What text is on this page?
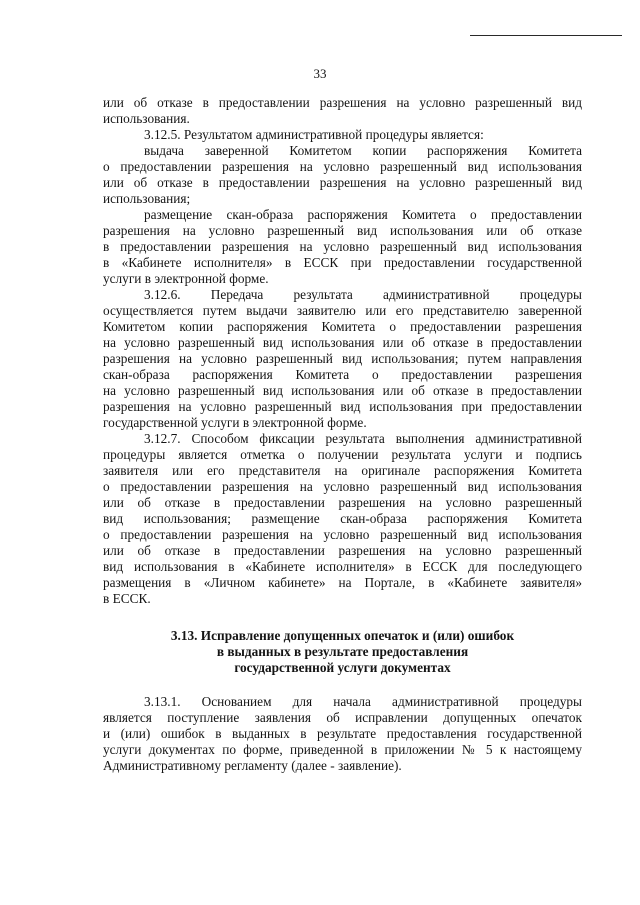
33
или об отказе в предоставлении разрешения на условно разрешенный вид
использования.
3.12.5. Результатом административной процедуры является:
выдача заверенной Комитетом копии распоряжения Комитета
о предоставлении разрешения на условно разрешенный вид использования
или об отказе в предоставлении разрешения на условно разрешенный вид
использования;
размещение скан-образа распоряжения Комитета о предоставлении
разрешения на условно разрешенный вид использования или об отказе
в предоставлении разрешения на условно разрешенный вид использования
в «Кабинете исполнителя» в ЕССК при предоставлении государственной
услуги в электронной форме.
3.12.6. Передача результата административной процедуры
осуществляется путем выдачи заявителю или его представителю заверенной
Комитетом копии распоряжения Комитета о предоставлении разрешения
на условно разрешенный вид использования или об отказе в предоставлении
разрешения на условно разрешенный вид использования; путем направления
скан-образа распоряжения Комитета о предоставлении разрешения
на условно разрешенный вид использования или об отказе в предоставлении
разрешения на условно разрешенный вид использования при предоставлении
государственной услуги в электронной форме.
3.12.7. Способом фиксации результата выполнения административной
процедуры является отметка о получении результата услуги и подпись
заявителя или его представителя на оригинале распоряжения Комитета
о предоставлении разрешения на условно разрешенный вид использования
или об отказе в предоставлении разрешения на условно разрешенный
вид использования; размещение скан-образа распоряжения Комитета
о предоставлении разрешения на условно разрешенный вид использования
или об отказе в предоставлении разрешения на условно разрешенный
вид использования в «Кабинете исполнителя» в ЕССК для последующего
размещения в «Личном кабинете» на Портале, в «Кабинете заявителя»
в ЕССК.
3.13. Исправление допущенных опечаток и (или) ошибок
в выданных в результате предоставления
государственной услуги документах
3.13.1. Основанием для начала административной процедуры
является поступление заявления об исправлении допущенных опечаток
и (или) ошибок в выданных в результате предоставления государственной
услуги документах по форме, приведенной в приложении № 5 к настоящему
Административному регламенту (далее - заявление).
